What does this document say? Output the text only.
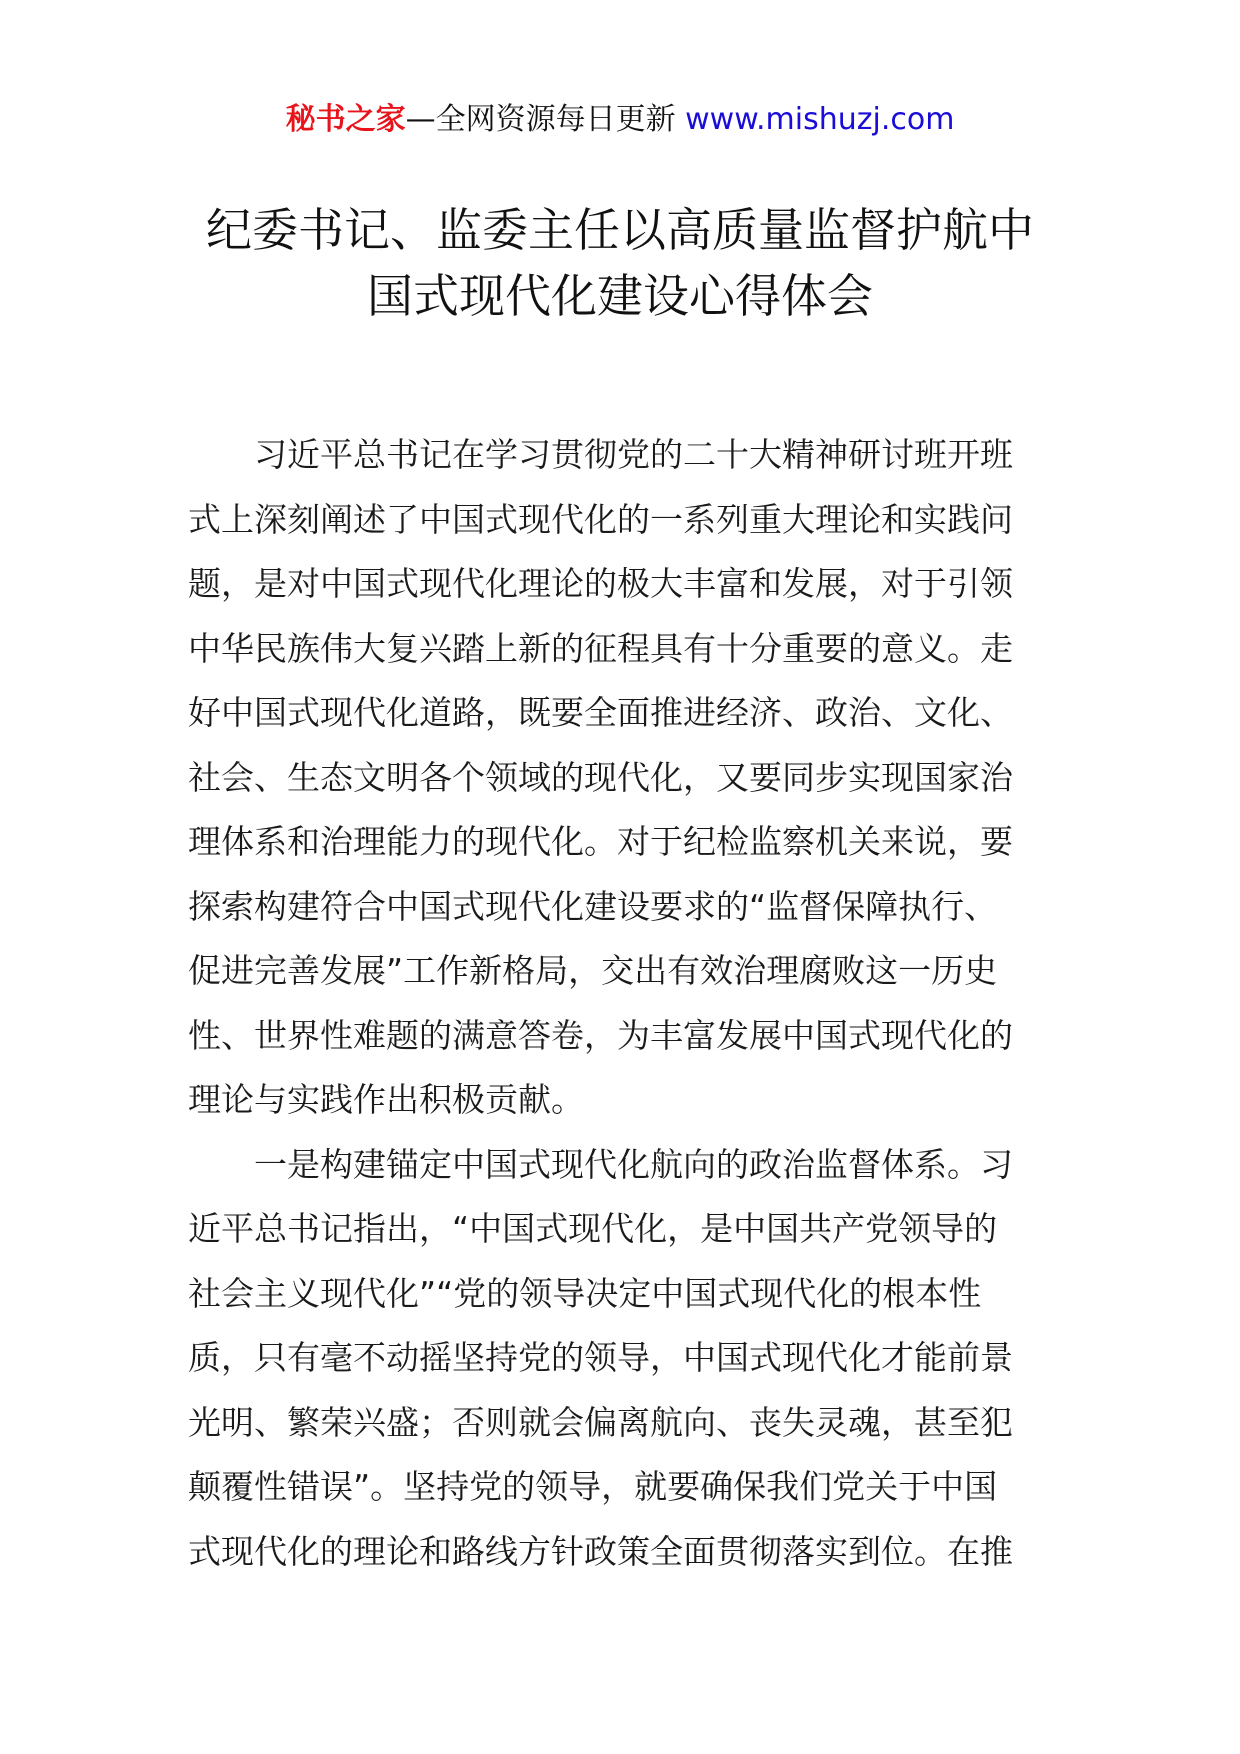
秘书之家—全网资源每日更新 www.mishuzj.com
纪委书记、监委主任以高质量监督护航中
国式现代化建设心得体会
习近平总书记在学习贯彻党的二十大精神研讨班开班
式上深刻阐述了中国式现代化的一系列重大理论和实践问
题，是对中国式现代化理论的极大丰富和发展，对于引领
中华民族伟大复兴踏上新的征程具有十分重要的意义。走
好中国式现代化道路，既要全面推进经济、政治、文化、
社会、生态文明各个领域的现代化，又要同步实现国家治
理体系和治理能力的现代化。对于纪检监察机关来说，要
探索构建符合中国式现代化建设要求的“监督保障执行、
促进完善发展”工作新格局，交出有效治理腐败这一历史
性、世界性难题的满意答卷，为丰富发展中国式现代化的
理论与实践作出积极贡献。
一是构建锚定中国式现代化航向的政治监督体系。习
近平总书记指出，“中国式现代化，是中国共产党领导的
社会主义现代化”“党的领导决定中国式现代化的根本性
质，只有毫不动摇坚持党的领导，中国式现代化才能前景
光明、繁荣兴盛；否则就会偏离航向、丧失灵魂，甚至犯
颠覆性错误”。坚持党的领导，就要确保我们党关于中国
式现代化的理论和路线方针政策全面贯彻落实到位。在推
